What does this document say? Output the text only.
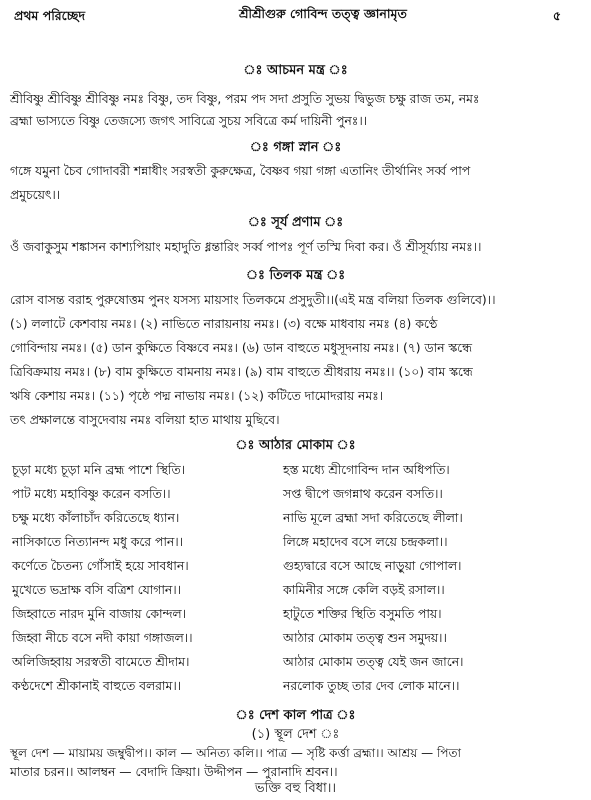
প্রথম পরিচ্ছেদ	শ্রীশ্রীগুরু গোবিন্দ তত্ত্ব জ্ঞানামৃত	৫
ঃ আচমন মন্ত্র ঃ
শ্রীবিষ্ণু শ্রীবিষ্ণু শ্রীবিষ্ণু নমঃ বিষ্ণু, তদ বিষ্ণু, পরম পদ সদা প্রসুতি সুভয় দ্বিভুজ চক্ষু রাজ তম, নমঃ
ব্রহ্মা ভাস্যতে বিষ্ণু তেজস্যে জগৎ সাবিত্রে সুচয় সবিত্রে কর্ম দায়িনী পুনঃ।।
ঃ গঙ্গা স্নান ঃ
গঙ্গে যমুনা চৈব গোদাবরী শন্নাধীং সরস্বতী কুরুক্ষেত্র, বৈষ্ণব গয়া গঙ্গা এতানিং তীর্থানিং সর্ব্ব পাপ
প্রমুচয়েৎ।।
ঃ সূর্য প্রণাম ঃ
ওঁ জবাকুসুম শঙ্কাসন কাশ্যপিয়াং মহাদুতি ধ্নন্তারিং সর্ব্ব পাপঃ পূর্ণ তস্মি দিবা কর। ওঁ শ্রীসূর্য্যায় নমঃ।।
ঃ তিলক মন্ত্র ঃ
রোস বাসন্ত বরাহ পুরুষোত্তম পুনং যসস্য মায়সাং তিলকমে প্রসুদুতী।।(এই মন্ত্র বলিয়া তিলক গুলিবে)।।
(১) ললাটে কেশবায় নমঃ। (২) নাভিতে নারায়নায় নমঃ। (৩) বক্ষে মাধবায় নমঃ (৪) কণ্ঠে
গোবিন্দায় নমঃ। (৫) ডান কুক্ষিতে বিষ্ণবে নমঃ। (৬) ডান বাহুতে মধুসূদনায় নমঃ। (৭) ডান স্কন্ধে
ত্রিবিক্রমায় নমঃ। (৮) বাম কুক্ষিতে বামনায় নমঃ। (৯) বাম বাহুতে শ্রীধরায় নমঃ।। (১০) বাম স্কন্ধে
ঋষি কেশায় নমঃ। (১১) পৃষ্ঠে পদ্ম নাভায় নমঃ। (১২) কটিতে দামোদরায় নমঃ।
তৎ প্রক্ষালন্তে বাসুদেবায় নমঃ বলিয়া হাত মাথায় মুছিবে।
ঃ আঠার মোকাম ঃ
চূড়া মধ্যে চূড়া মনি ব্রহ্ম পাশে স্থিতি।
পাট মধ্যে মহাবিষ্ণু করেন বসতি।।
চক্ষু মধ্যে কাঁলাচাঁদ করিতেছে ধ্যান।
নাসিকাতে নিত্যানন্দ মধু করে পান।।
কর্ণেতে চৈতন্য গোঁসাই হয়ে সাবধান।
মুখেতে ভদ্রাক্ষ বসি বত্রিশ যোগান।।
জিহ্বাতে নারদ মুনি বাজায় কোন্দল।
জিহ্বা নীচে বসে নদী কায়া গঙ্গাজল।।
অলিজিহ্বায় সরস্বতী বামেতে শ্রীদাম।
কণ্ঠদেশে শ্রীকানাই বাহুতে বলরাম।।
হস্ত মধ্যে শ্রীগোবিন্দ দান অধিপতি।
সপ্ত দ্বীপে জগন্নাথ করেন বসতি।।
নাভি মূলে ব্রহ্মা সদা করিতেছে লীলা।
লিঙ্গে মহাদেব বসে লয়ে চন্দ্রকলা।।
গুহ্যদ্বারে বসে আছে নাড়ুয়া গোপাল।
কামিনীর সঙ্গে কেলি বড়ই রসাল।।
হাটুতে শক্তির স্থিতি বসুমতি পায়।
আঠার মোকাম তত্ত্ব শুন সমুদয়।।
আঠার মোকাম তত্ত্ব যেই জন জানে।
নরলোক তুচ্ছ তার দেব লোক মানে।।
ঃ দেশ কাল পাত্র ঃ
(১) স্থূল দেশ ঃ
স্থূল দেশ — মায়াময় জম্বুদ্বীপ।। কাল — অনিত্য কলি।। পাত্র — সৃষ্টি কর্ত্তা ব্রহ্মা।। আশ্রয় — পিতা
মাতার চরন।। আলম্বন — বেদাদি ক্রিয়া। উদ্দীপন — পুরানাদি শ্রবন।।
ভক্তি বহু বিধা।।
